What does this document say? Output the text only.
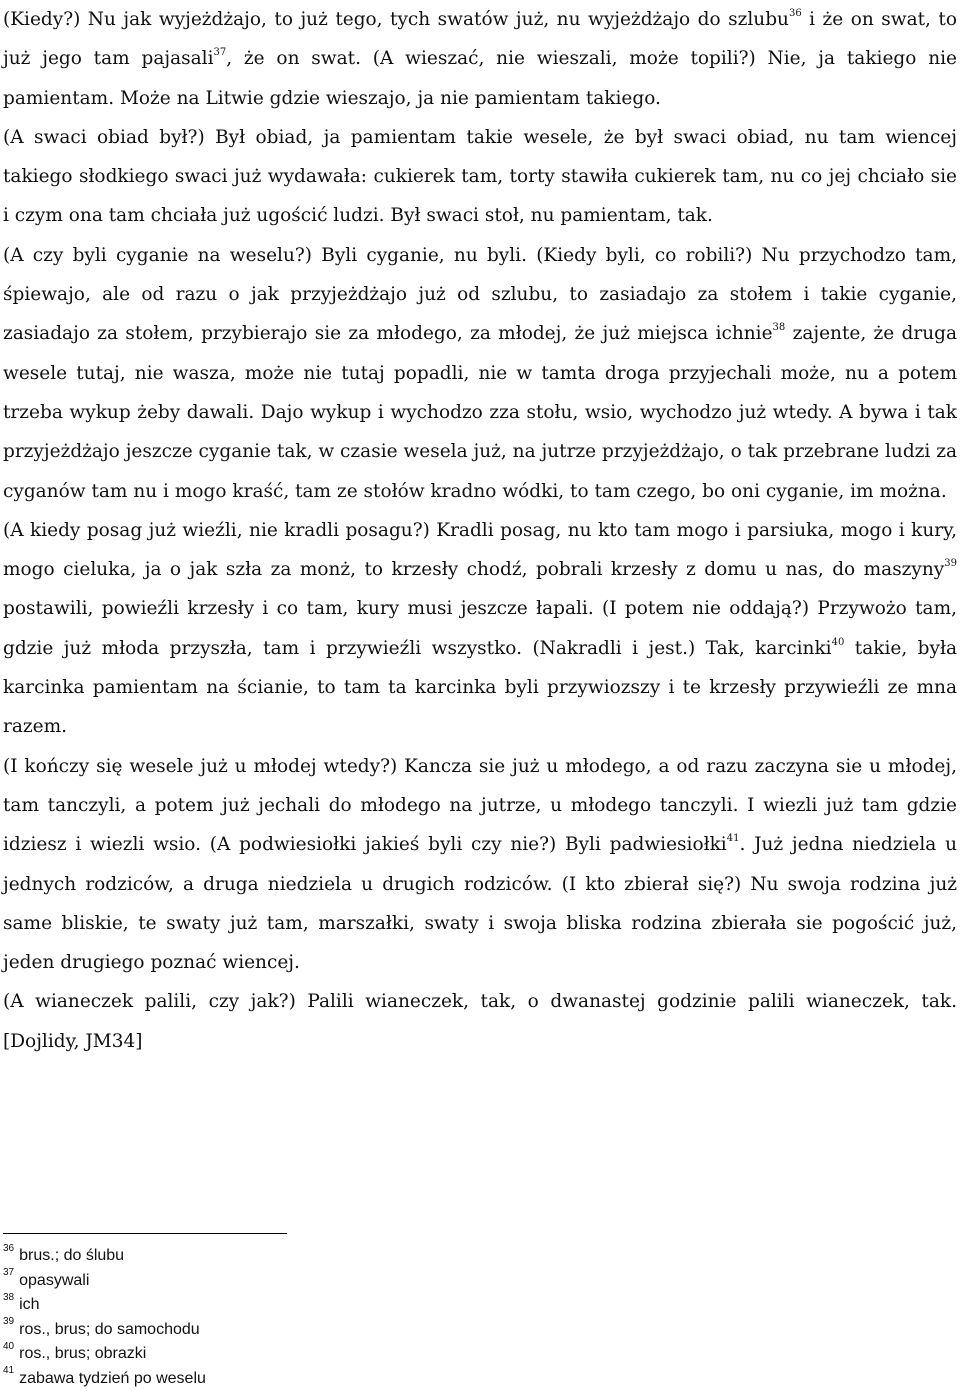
(Kiedy?) Nu jak wyjeżdżajo, to już tego, tych swatów już, nu wyjeżdżajo do szlubu$^{36}$ i że on swat, to już jego tam pajasali$^{37}$, że on swat. (A wieszać, nie wieszali, może topili?) Nie, ja takiego nie pamientam. Może na Litwie gdzie wieszajo, ja nie pamientam takiego.

(A swaci obiad był?) Był obiad, ja pamientam takie wesele, że był swaci obiad, nu tam wiencej takiego słodkiego swaci już wydawała: cukierek tam, torty stawiła cukierek tam, nu co jej chciało sie i czym ona tam chciała już ugościć ludzi. Był swaci stoł, nu pamientam, tak.

(A czy byli cyganie na weselu?) Byli cyganie, nu byli. (Kiedy byli, co robili?) Nu przychodzo tam, śpiewajo, ale od razu o jak przyjeżdżajo już od szlubu, to zasiadajo za stołem i takie cyganie, zasiadajo za stołem, przybierajo sie za młodego, za młodej, że już miejsca ichnie$^{38}$ zajente, że druga wesele tutaj, nie wasza, może nie tutaj popadli, nie w tamta droga przyjechali może, nu a potem trzeba wykup żeby dawali. Dajo wykup i wychodzo zza stołu, wsio, wychodzo już wtedy. A bywa i tak przyjeżdżajo jeszcze cyganie tak, w czasie wesela już, na jutrze przyjeżdżajo, o tak przebrane ludzi za cyganów tam nu i mogo kraść, tam ze stołów kradno wódki, to tam czego, bo oni cyganie, im można.

(A kiedy posag już wieźli, nie kradli posagu?) Kradli posag, nu kto tam mogo i parsiuka, mogo i kury, mogo cieluka, ja o jak szła za monż, to krzesły chodź, pobrali krzesły z domu u nas, do maszyny$^{39}$ postawili, powieźli krzesły i co tam, kury musi jeszcze łapali. (I potem nie oddają?) Przywożo tam, gdzie już młoda przyszła, tam i przywieźli wszystko. (Nakradli i jest.) Tak, karcinki$^{40}$ takie, była karcinka pamientam na ścianie, to tam ta karcinka byli przywiozszy i te krzesły przywieźli ze mna razem.

(I kończy się wesele już u młodej wtedy?) Kancza sie już u młodego, a od razu zaczyna sie u młodej, tam tanczyli, a potem już jechali do młodego na jutrze, u młodego tanczyli. I wiezli już tam gdzie idziesz i wiezli wsio. (A podwiesiołki jakieś byli czy nie?) Byli padwiesiołki$^{41}$. Już jedna niedziela u jednych rodziców, a druga niedziela u drugich rodziców. (I kto zbierał się?) Nu swoja rodzina już same bliskie, te swaty już tam, marszałki, swaty i swoja bliska rodzina zbierała sie pogościć już, jeden drugiego poznać wiencej.

(A wianeczek palili, czy jak?) Palili wianeczek, tak, o dwanastej godzinie palili wianeczek, tak. [Dojlidy, JM34]

$^{36}$ brus.; do ślubu
$^{37}$ opasywali
$^{38}$ ich
$^{39}$ ros., brus; do samochodu
$^{40}$ ros., brus; obrazki
$^{41}$ zabawa tydzień po weselu
